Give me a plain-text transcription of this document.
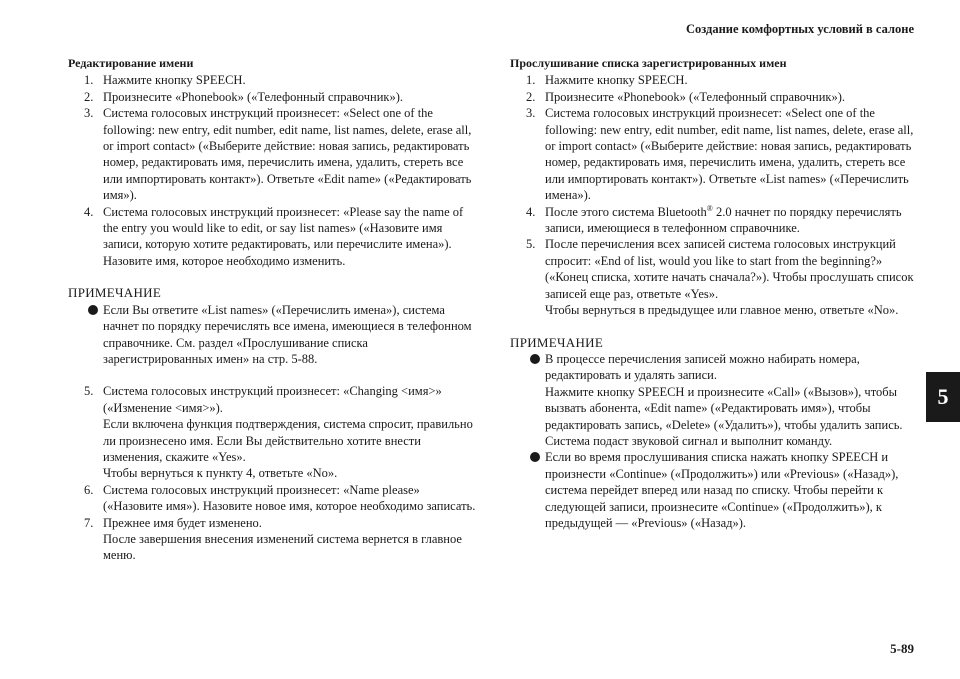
Создание комфортных условий в салоне
5
5-89
Редактирование имени
1. Нажмите кнопку SPEECH.
2. Произнесите «Phonebook» («Телефонный справочник»).
3. Система голосовых инструкций произнесет: «Select one of the following: new entry, edit number, edit name, list names, delete, erase all, or import contact» («Выберите действие: новая запись, редактировать номер, редактировать имя, перечислить имена, удалить, стереть все или импортировать контакт»). Ответьте «Edit name» («Редактировать имя»).
4. Система голосовых инструкций произнесет: «Please say the name of the entry you would like to edit, or say list names» («Назовите имя записи, которую хотите редактировать, или перечислите имена»). Назовите имя, которое необходимо изменить.
ПРИМЕЧАНИЕ
Если Вы ответите «List names» («Перечислить имена»), система начнет по порядку перечислять все имена, имеющиеся в телефонном справочнике. См. раздел «Прослушивание списка зарегистрированных имен» на стр. 5-88.
5. Система голосовых инструкций произнесет: «Changing <имя>» («Изменение <имя>»).
Если включена функция подтверждения, система спросит, правильно ли произнесено имя. Если Вы действительно хотите внести изменения, скажите «Yes».
Чтобы вернуться к пункту 4, ответьте «No».
6. Система голосовых инструкций произнесет: «Name please» («Назовите имя»). Назовите новое имя, которое необходимо записать.
7. Прежнее имя будет изменено.
После завершения внесения изменений система вернется в главное меню.
Прослушивание списка зарегистрированных имен
1. Нажмите кнопку SPEECH.
2. Произнесите «Phonebook» («Телефонный справочник»).
3. Система голосовых инструкций произнесет: «Select one of the following: new entry, edit number, edit name, list names, delete, erase all, or import contact» («Выберите действие: новая запись, редактировать номер, редактировать имя, перечислить имена, удалить, стереть все или импортировать контакт»). Ответьте «List names» («Перечислить имена»).
4. После этого система Bluetooth® 2.0 начнет по порядку перечислять записи, имеющиеся в телефонном справочнике.
5. После перечисления всех записей система голосовых инструкций спросит: «End of list, would you like to start from the beginning?» («Конец списка, хотите начать сначала?»). Чтобы прослушать список записей еще раз, ответьте «Yes».
Чтобы вернуться в предыдущее или главное меню, ответьте «No».
ПРИМЕЧАНИЕ
В процессе перечисления записей можно набирать номера, редактировать и удалять записи.
Нажмите кнопку SPEECH и произнесите «Call» («Вызов»), чтобы вызвать абонента, «Edit name» («Редактировать имя»), чтобы редактировать запись, «Delete» («Удалить»), чтобы удалить запись.
Система подаст звуковой сигнал и выполнит команду.
Если во время прослушивания списка нажать кнопку SPEECH и произнести «Continue» («Продолжить») или «Previous» («Назад»), система перейдет вперед или назад по списку. Чтобы перейти к следующей записи, произнесите «Continue» («Продолжить»), к предыдущей — «Previous» («Назад»).
